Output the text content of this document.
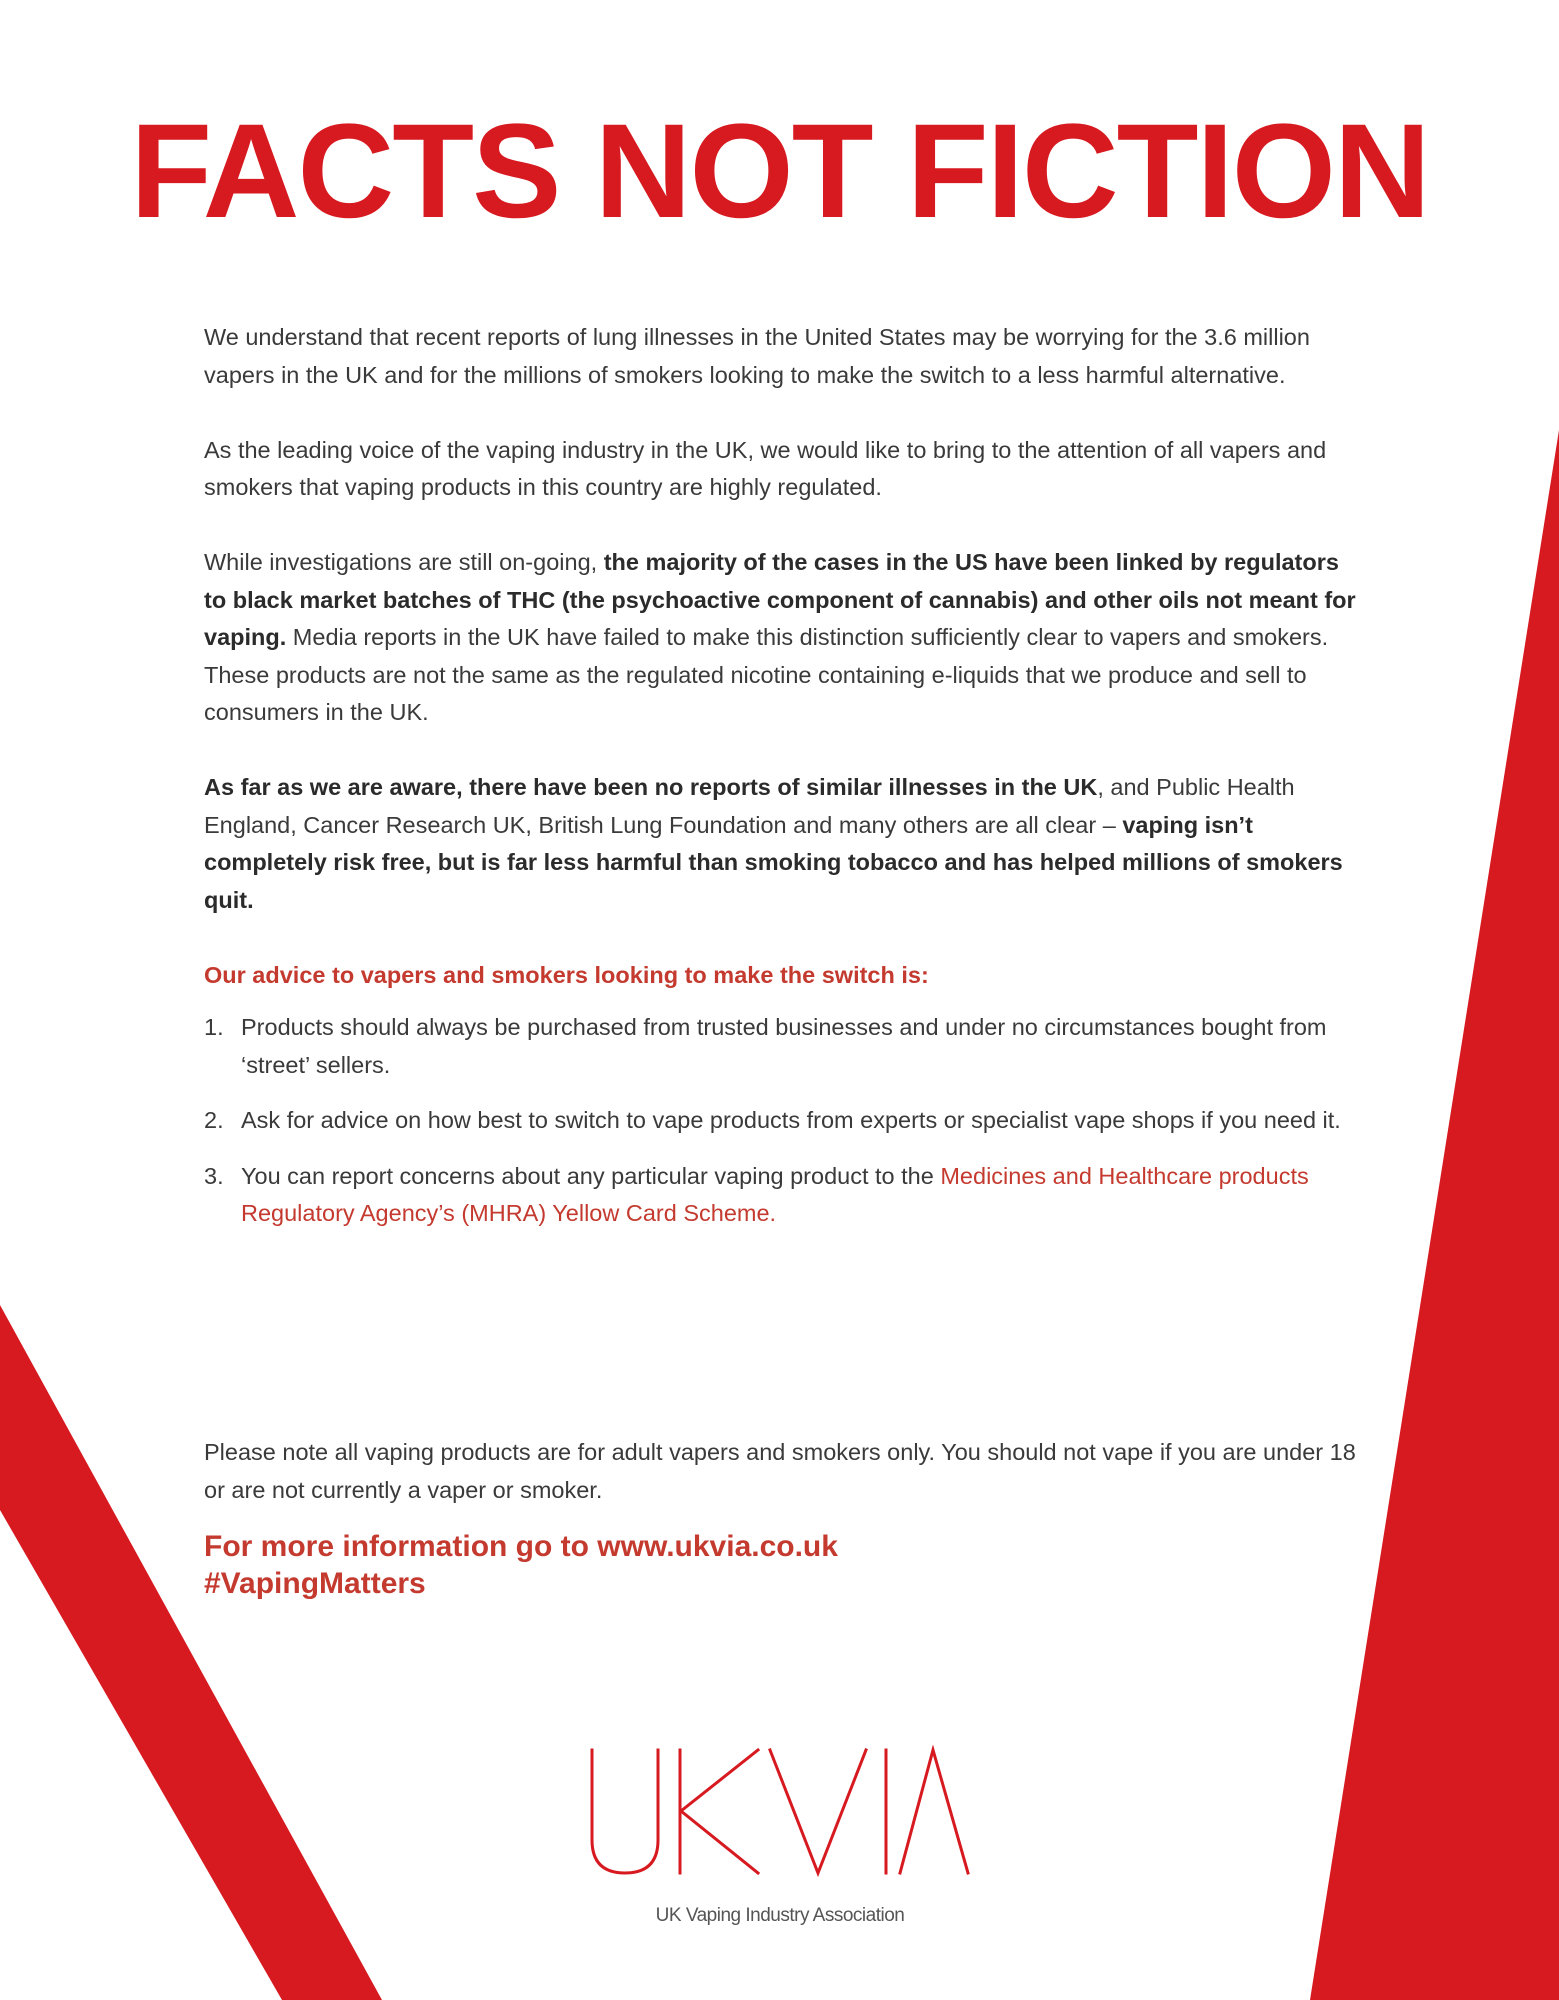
FACTS NOT FICTION

We understand that recent reports of lung illnesses in the United States may be worrying for the 3.6 million vapers in the UK and for the millions of smokers looking to make the switch to a less harmful alternative.

As the leading voice of the vaping industry in the UK, we would like to bring to the attention of all vapers and smokers that vaping products in this country are highly regulated.

While investigations are still on-going, the majority of the cases in the US have been linked by regulators to black market batches of THC (the psychoactive component of cannabis) and other oils not meant for vaping. Media reports in the UK have failed to make this distinction sufficiently clear to vapers and smokers. These products are not the same as the regulated nicotine containing e-liquids that we produce and sell to consumers in the UK.

As far as we are aware, there have been no reports of similar illnesses in the UK, and Public Health England, Cancer Research UK, British Lung Foundation and many others are all clear – vaping isn’t completely risk free, but is far less harmful than smoking tobacco and has helped millions of smokers quit.

Our advice to vapers and smokers looking to make the switch is:
1. Products should always be purchased from trusted businesses and under no circumstances bought from ‘street’ sellers.
2. Ask for advice on how best to switch to vape products from experts or specialist vape shops if you need it.
3. You can report concerns about any particular vaping product to the Medicines and Healthcare products Regulatory Agency’s (MHRA) Yellow Card Scheme.

Please note all vaping products are for adult vapers and smokers only. You should not vape if you are under 18 or are not currently a vaper or smoker.

For more information go to www.ukvia.co.uk
#VapingMatters
UK Vaping Industry Association
